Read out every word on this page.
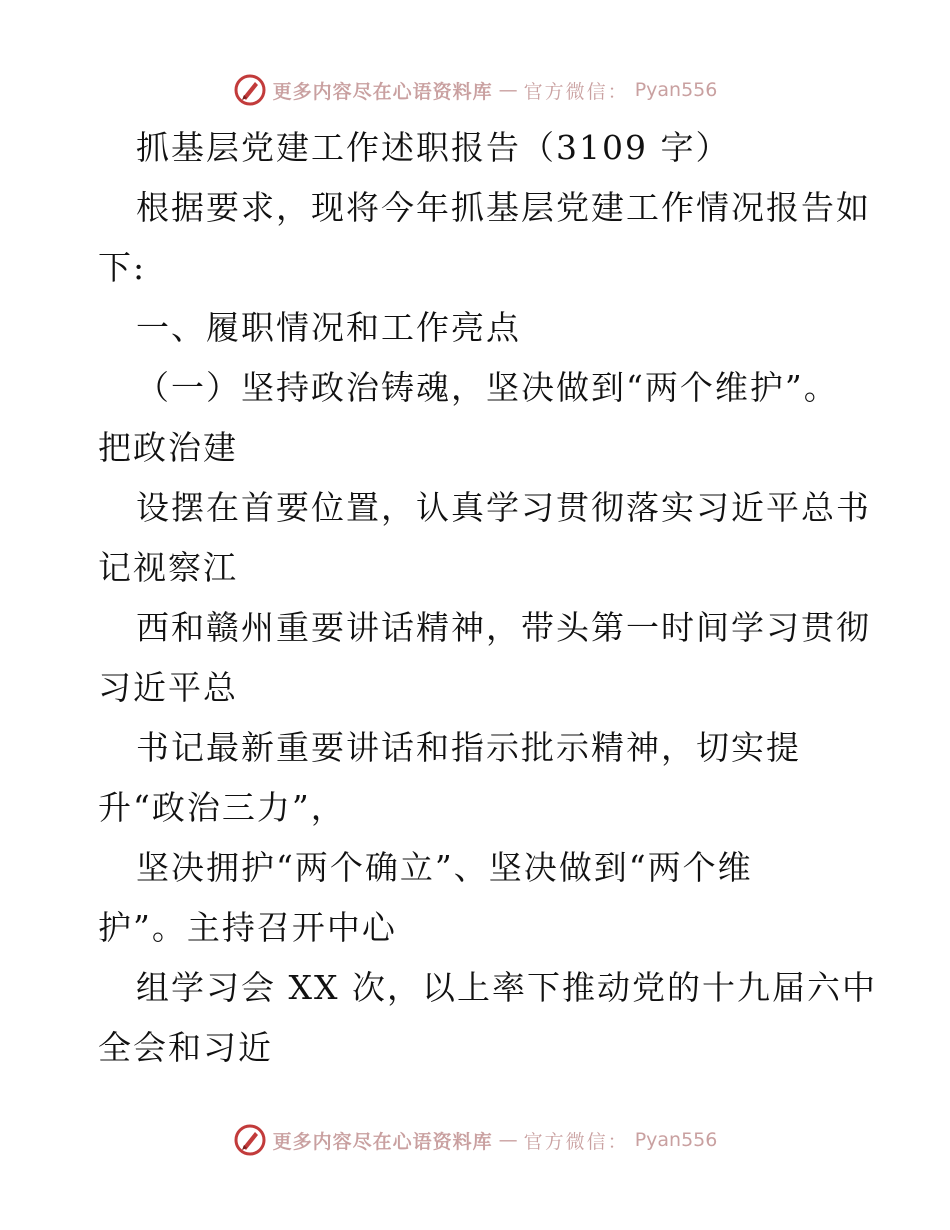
更多内容尽在心语资料库 — 官方微信： Pyan556
抓基层党建工作述职报告（3109 字）
根据要求，现将今年抓基层党建工作情况报告如
下:
一、履职情况和工作亮点
（一）坚持政治铸魂，坚决做到“两个维护”。
把政治建
设摆在首要位置，认真学习贯彻落实习近平总书
记视察江
西和赣州重要讲话精神，带头第一时间学习贯彻
习近平总
书记最新重要讲话和指示批示精神，切实提
升“政治三力”，
坚决拥护“两个确立”、坚决做到“两个维
护”。主持召开中心
组学习会 XX 次，以上率下推动党的十九届六中
全会和习近
更多内容尽在心语资料库 — 官方微信： Pyan556
